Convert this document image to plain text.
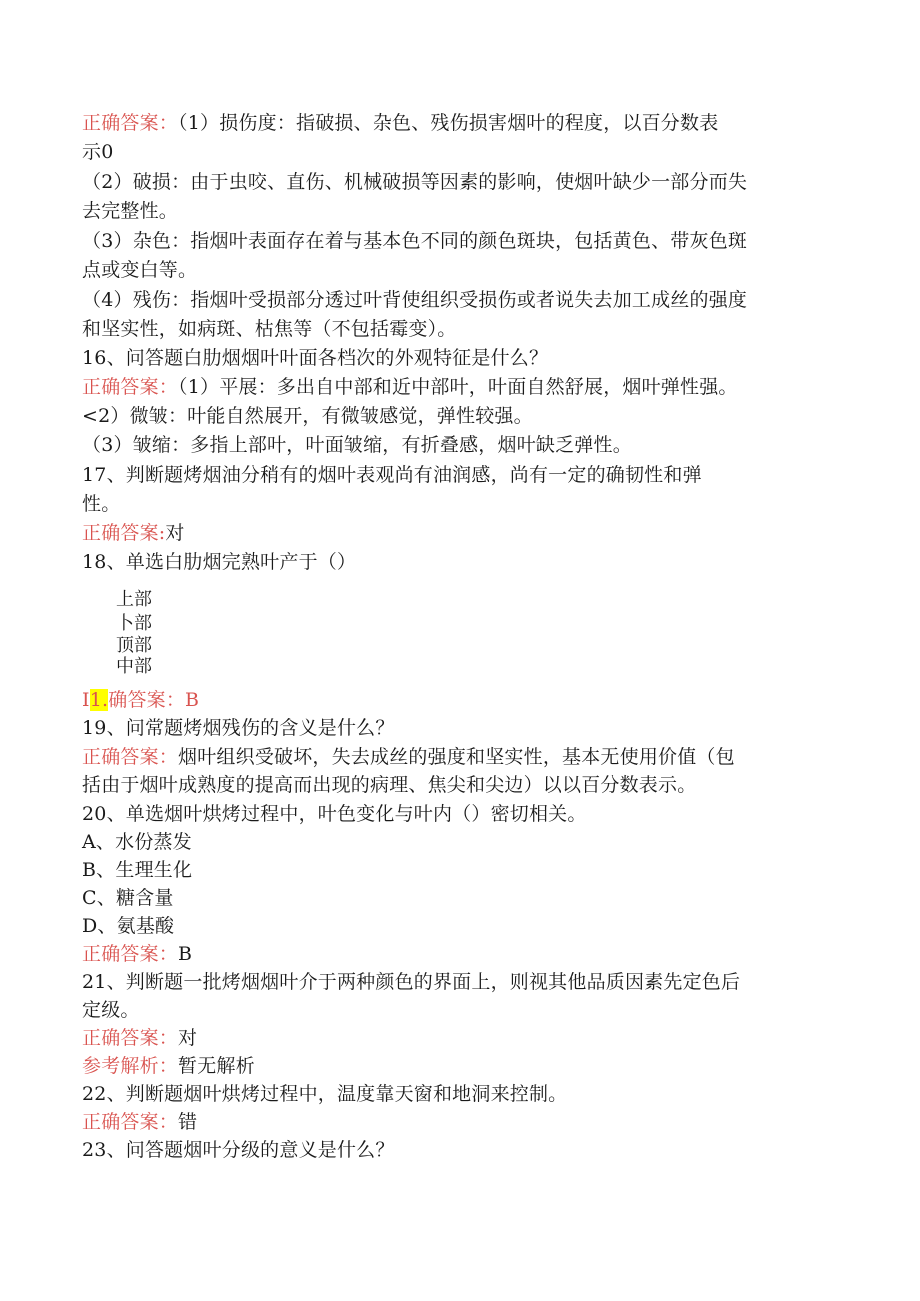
正确答案：（1）损伤度：指破损、杂色、残伤损害烟叶的程度，以百分数表
示0
（2）破损：由于虫咬、直伤、机械破损等因素的影响，使烟叶缺少一部分而失
去完整性。
（3）杂色：指烟叶表面存在着与基本色不同的颜色斑块，包括黄色、带灰色斑
点或变白等。
（4）残伤：指烟叶受损部分透过叶背使组织受损伤或者说失去加工成丝的强度
和坚实性，如病斑、枯焦等（不包括霉变）。
16、问答题白肋烟烟叶叶面各档次的外观特征是什么？
正确答案：（1）平展：多出自中部和近中部叶，叶面自然舒展，烟叶弹性强。
<2）微皱：叶能自然展开，有微皱感觉，弹性较强。
（3）皱缩：多指上部叶，叶面皱缩，有折叠感，烟叶缺乏弹性。
17、判断题烤烟油分稍有的烟叶表观尚有油润感，尚有一定的确韧性和弹
性。
正确答案:对
18、单选白肋烟完熟叶产于（）
上部
卜部
顶部
中部
I1.确答案：B
19、问常题烤烟残伤的含义是什么？
正确答案：烟叶组织受破坏，失去成丝的强度和坚实性，基本无使用价值（包
括由于烟叶成熟度的提高而出现的病理、焦尖和尖边）以以百分数表示。
20、单选烟叶烘烤过程中，叶色变化与叶内（）密切相关。
A、水份蒸发
B、生理生化
C、糖含量
D、氨基酸
正确答案：B
21、判断题一批烤烟烟叶介于两种颜色的界面上，则视其他品质因素先定色后
定级。
正确答案：对
参考解析：暂无解析
22、判断题烟叶烘烤过程中，温度靠天窗和地洞来控制。
正确答案：错
23、问答题烟叶分级的意义是什么？
